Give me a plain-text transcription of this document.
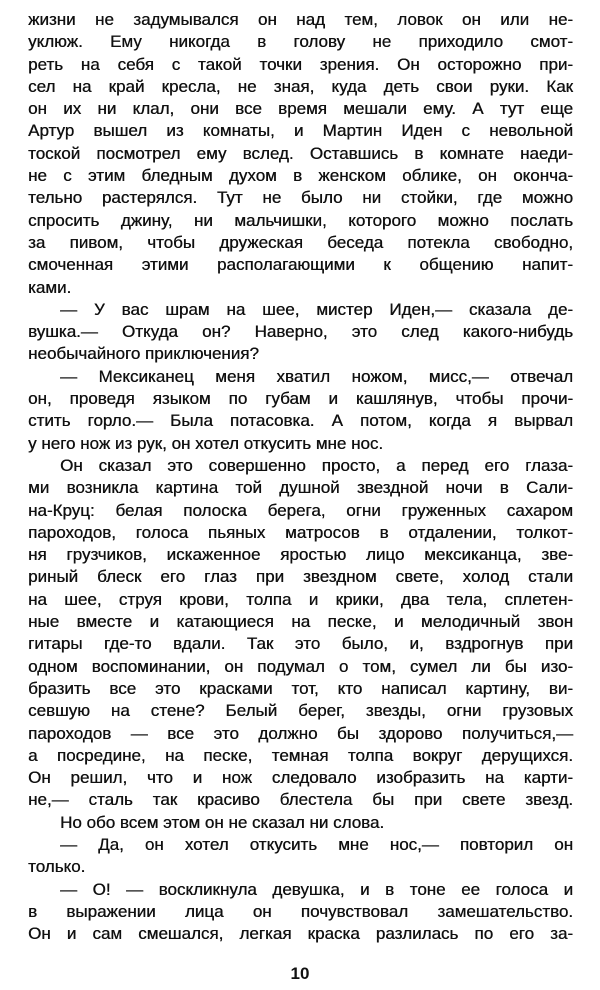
жизни не задумывался он над тем, ловок он или не-
уклюж. Ему никогда в голову не приходило смот-
реть на себя с такой точки зрения. Он осторожно при-
сел на край кресла, не зная, куда деть свои руки. Как
он их ни клал, они все время мешали ему. А тут еще
Артур вышел из комнаты, и Мартин Иден с невольной
тоской посмотрел ему вслед. Оставшись в комнате наеди-
не с этим бледным духом в женском облике, он оконча-
тельно растерялся. Тут не было ни стойки, где можно
спросить джину, ни мальчишки, которого можно послать
за пивом, чтобы дружеская беседа потекла свободно,
смоченная этими располагающими к общению напит-
ками.
— У вас шрам на шее, мистер Иден,— сказала де-
вушка.— Откуда он? Наверно, это след какого-нибудь
необычайного приключения?
— Мексиканец меня хватил ножом, мисс,— отвечал
он, проведя языком по губам и кашлянув, чтобы прочи-
стить горло.— Была потасовка. А потом, когда я вырвал
у него нож из рук, он хотел откусить мне нос.
Он сказал это совершенно просто, а перед его глаза-
ми возникла картина той душной звездной ночи в Сали-
на-Круц: белая полоска берега, огни груженных сахаром
пароходов, голоса пьяных матросов в отдалении, толкот-
ня грузчиков, искаженное яростью лицо мексиканца, зве-
риный блеск его глаз при звездном свете, холод стали
на шее, струя крови, толпа и крики, два тела, сплетен-
ные вместе и катающиеся на песке, и мелодичный звон
гитары где-то вдали. Так это было, и, вздрогнув при
одном воспоминании, он подумал о том, сумел ли бы изо-
бразить все это красками тот, кто написал картину, ви-
севшую на стене? Белый берег, звезды, огни грузовых
пароходов — все это должно бы здорово получиться,—
а посредине, на песке, темная толпа вокруг дерущихся.
Он решил, что и нож следовало изобразить на карти-
не,— сталь так красиво блестела бы при свете звезд.
Но обо всем этом он не сказал ни слова.
— Да, он хотел откусить мне нос,— повторил он
только.
— О! — воскликнула девушка, и в тоне ее голоса и
в выражении лица он почувствовал замешательство.
Он и сам смешался, легкая краска разлилась по его за-
10
